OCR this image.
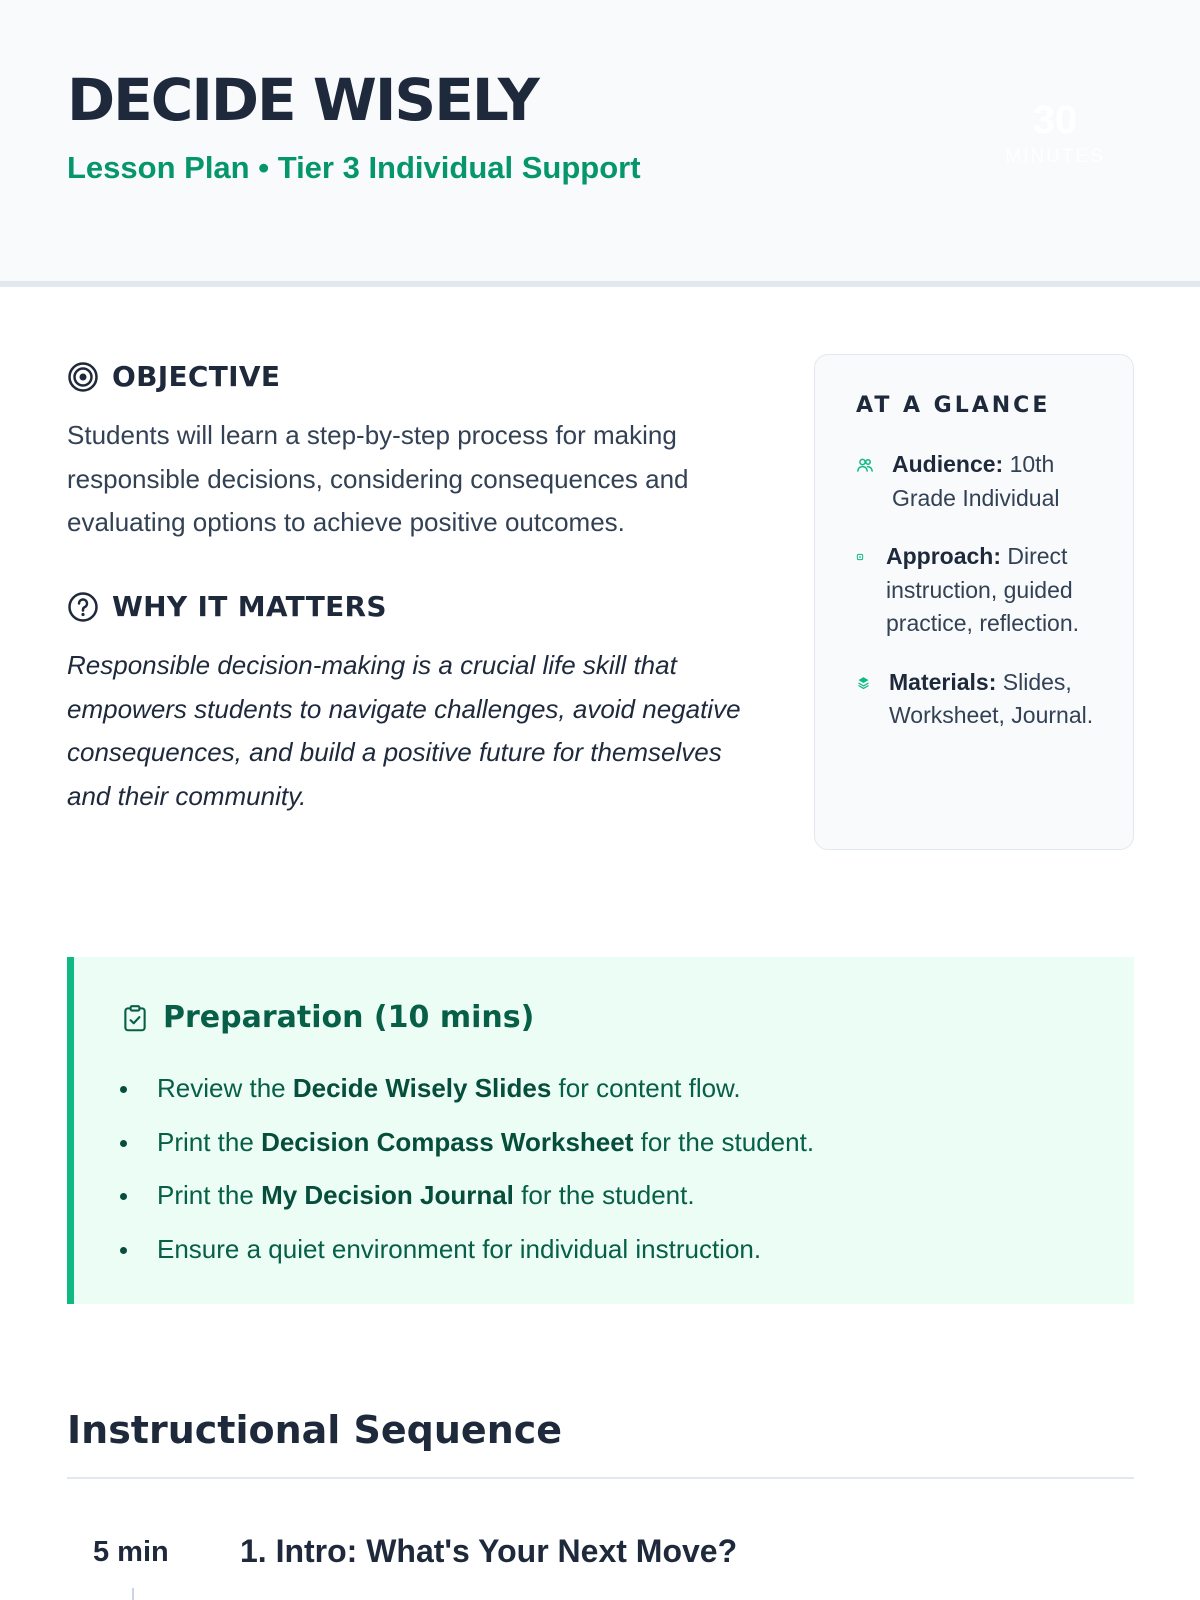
DECIDE WISELY
Lesson Plan • Tier 3 Individual Support
30
MINUTES
OBJECTIVE

Students will learn a step-by-step process for making responsible decisions, considering consequences and evaluating options to achieve positive outcomes.

WHY IT MATTERS

Responsible decision-making is a crucial life skill that empowers students to navigate challenges, avoid negative consequences, and build a positive future for themselves and their community.

AT A GLANCE
Audience: 10th Grade Individual
Approach: Direct instruction, guided practice, reflection.
Materials: Slides, Worksheet, Journal.
Preparation (10 mins)
Review the Decide Wisely Slides for content flow.
Print the Decision Compass Worksheet for the student.
Print the My Decision Journal for the student.
Ensure a quiet environment for individual instruction.
Instructional Sequence
5 min 1. Intro: What's Your Next Move?
